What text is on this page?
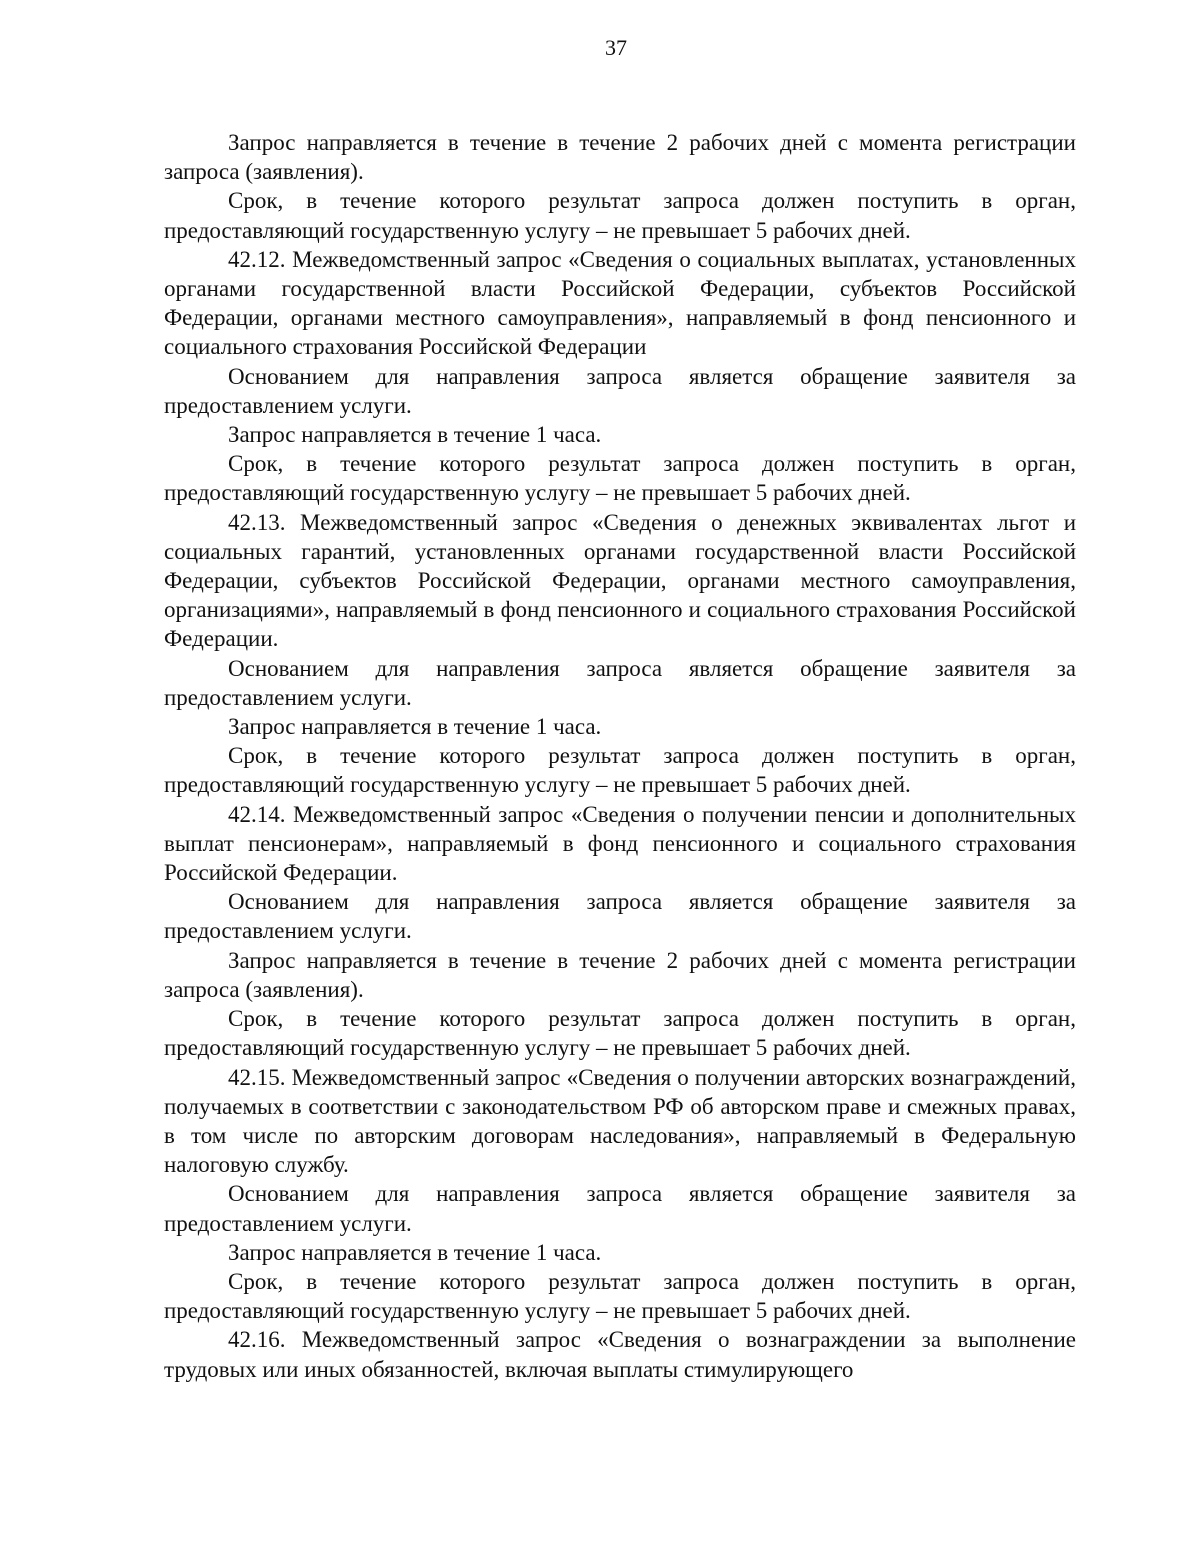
37

Запрос направляется в течение в течение 2 рабочих дней с момента регистрации запроса (заявления).

Срок, в течение которого результат запроса должен поступить в орган, предоставляющий государственную услугу – не превышает 5 рабочих дней.

42.12. Межведомственный запрос «Сведения о социальных выплатах, установленных органами государственной власти Российской Федерации, субъектов Российской Федерации, органами местного самоуправления», направляемый в фонд пенсионного и социального страхования Российской Федерации

Основанием для направления запроса является обращение заявителя за предоставлением услуги.

Запрос направляется в течение 1 часа.

Срок, в течение которого результат запроса должен поступить в орган, предоставляющий государственную услугу – не превышает 5 рабочих дней.

42.13. Межведомственный запрос «Сведения о денежных эквивалентах льгот и социальных гарантий, установленных органами государственной власти Российской Федерации, субъектов Российской Федерации, органами местного самоуправления, организациями», направляемый в фонд пенсионного и социального страхования Российской Федерации.

Основанием для направления запроса является обращение заявителя за предоставлением услуги.

Запрос направляется в течение 1 часа.

Срок, в течение которого результат запроса должен поступить в орган, предоставляющий государственную услугу – не превышает 5 рабочих дней.

42.14. Межведомственный запрос «Сведения о получении пенсии и дополнительных выплат пенсионерам», направляемый в фонд пенсионного и социального страхования Российской Федерации.

Основанием для направления запроса является обращение заявителя за предоставлением услуги.

Запрос направляется в течение в течение 2 рабочих дней с момента регистрации запроса (заявления).

Срок, в течение которого результат запроса должен поступить в орган, предоставляющий государственную услугу – не превышает 5 рабочих дней.

42.15. Межведомственный запрос «Сведения о получении авторских вознаграждений, получаемых в соответствии с законодательством РФ об авторском праве и смежных правах, в том числе по авторским договорам наследования», направляемый в Федеральную налоговую службу.

Основанием для направления запроса является обращение заявителя за предоставлением услуги.

Запрос направляется в течение 1 часа.

Срок, в течение которого результат запроса должен поступить в орган, предоставляющий государственную услугу – не превышает 5 рабочих дней.

42.16. Межведомственный запрос «Сведения о вознаграждении за выполнение трудовых или иных обязанностей, включая выплаты стимулирующего
